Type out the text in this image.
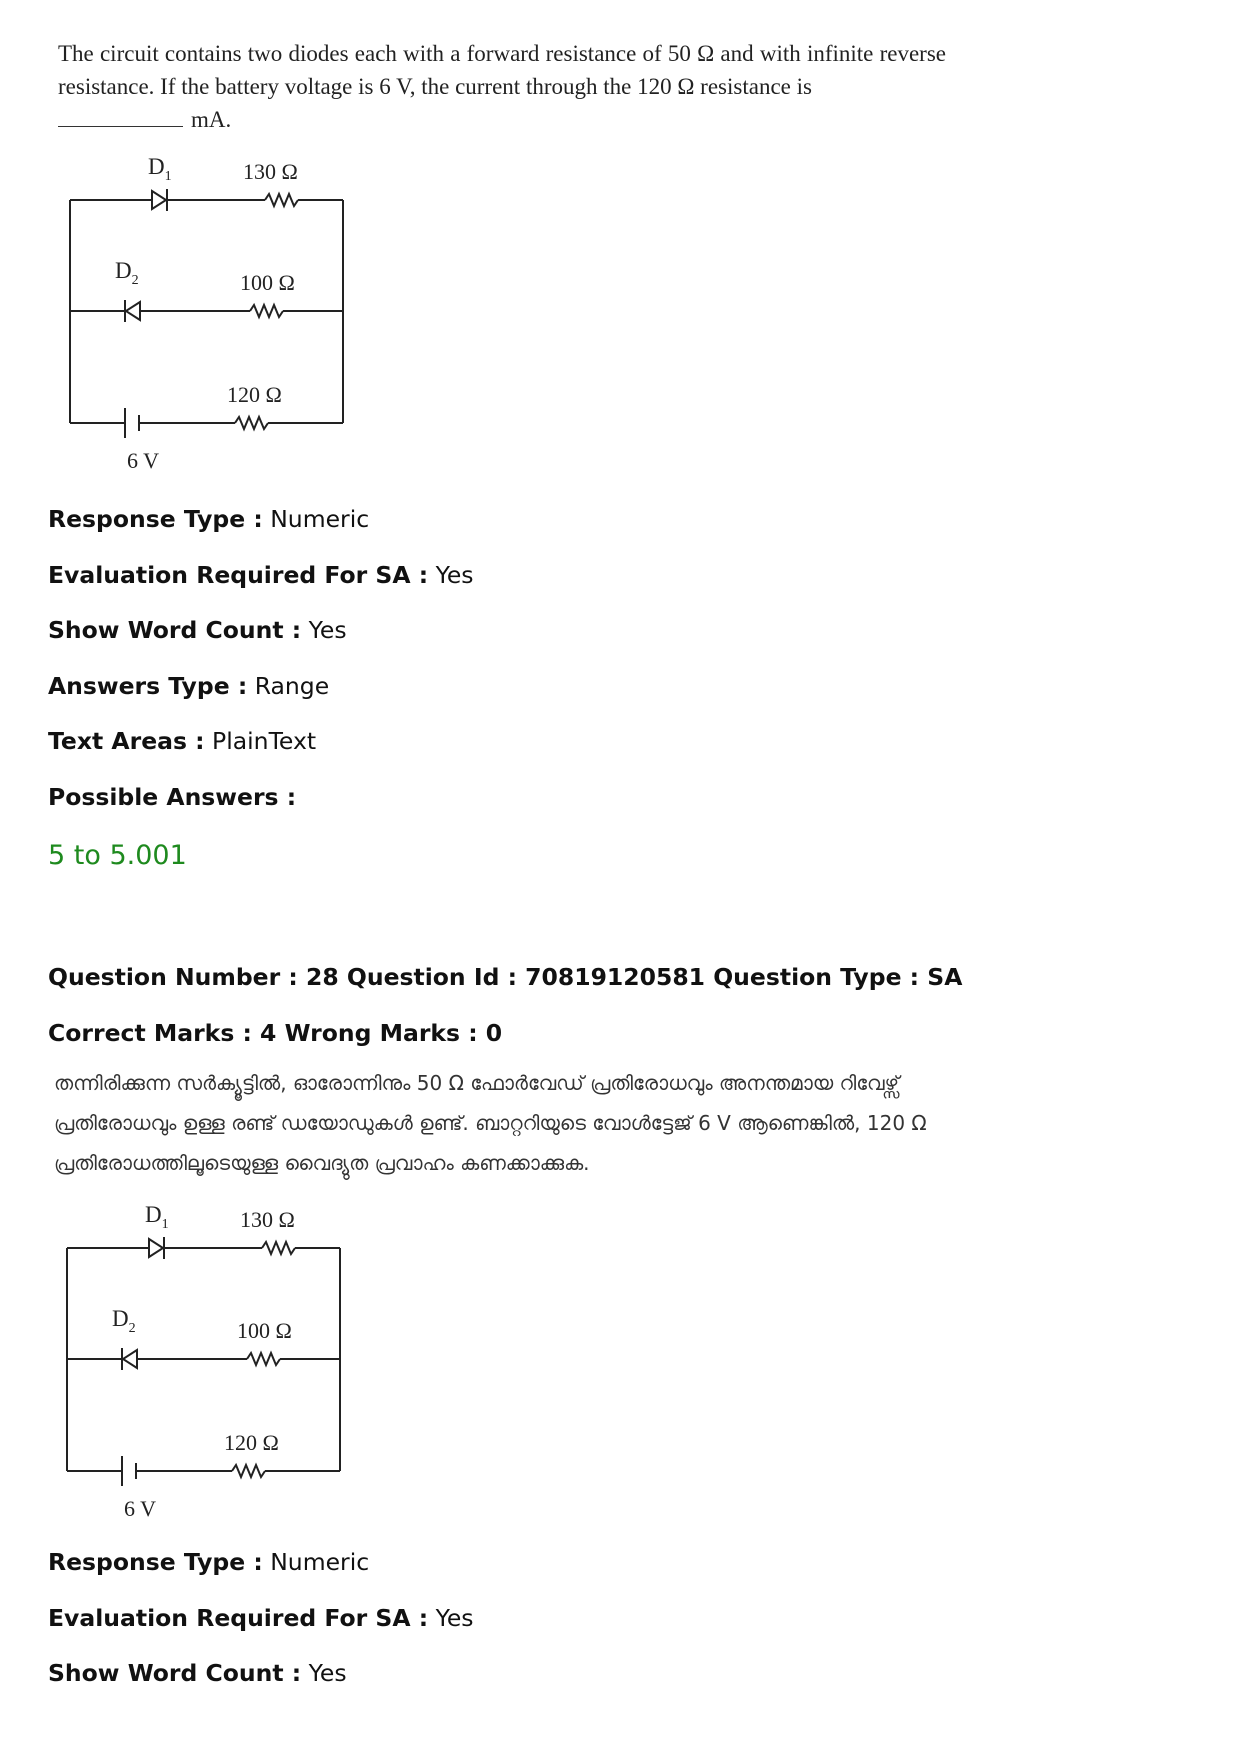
The circuit contains two diodes each with a forward resistance of 50 Ω and with infinite reverse resistance. If the battery voltage is 6 V, the current through the 120 Ω resistance is
mA.
$D_1$	130 Ω
$D_2$	100 Ω
120 Ω
6 V
Response Type : Numeric
Evaluation Required For SA : Yes
Show Word Count : Yes
Answers Type : Range
Text Areas : PlainText
Possible Answers :
5 to 5.001
Question Number : 28 Question Id : 70819120581 Question Type : SA
Correct Marks : 4 Wrong Marks : 0
തന്നിരിക്കുന്ന സർക്യൂട്ടിൽ, ഓരോന്നിനും 50 Ω ഫോർവേഡ് പ്രതിരോധവും അനന്തമായ റിവേഴ്സ് പ്രതിരോധവും ഉള്ള രണ്ട് ഡയോഡുകൾ ഉണ്ട്. ബാറ്ററിയുടെ വോൾട്ടേജ് 6 V ആണെങ്കിൽ, 120 Ω പ്രതിരോധത്തിലൂടെയുള്ള വൈദ്യുത പ്രവാഹം കണക്കാക്കുക.
$D_1$	130 Ω
$D_2$	100 Ω
120 Ω
6 V
Response Type : Numeric
Evaluation Required For SA : Yes
Show Word Count : Yes
